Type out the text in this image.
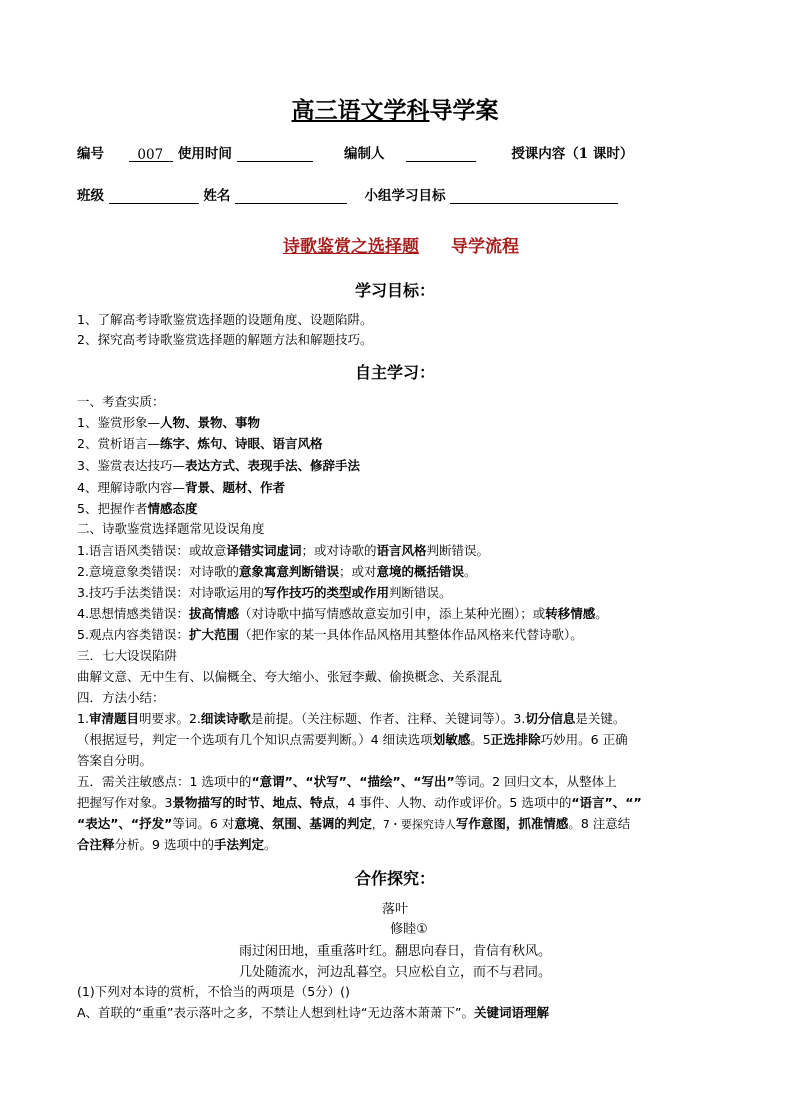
高三语文学科导学案
编号 007 使用时间	编制人	授课内容（1 课时）
班级	姓名	小组学习目标
诗歌鉴赏之选择题 导学流程
学习目标：
1、了解高考诗歌鉴赏选择题的设题角度、设题陷阱。
2、探究高考诗歌鉴赏选择题的解题方法和解题技巧。
自主学习：
一、考查实质：
1、鉴赏形象—人物、景物、事物
2、赏析语言—练字、炼句、诗眼、语言风格
3、鉴赏表达技巧—表达方式、表现手法、修辞手法
4、理解诗歌内容—背景、题材、作者
5、把握作者情感态度
二、诗歌鉴赏选择题常见设误角度
1.语言语风类错误：或故意译错实词虚词；或对诗歌的语言风格判断错误。
2.意境意象类错误：对诗歌的意象寓意判断错误；或对意境的概括错误。
3.技巧手法类错误：对诗歌运用的写作技巧的类型或作用判断错误。
4.思想情感类错误：拔高情感（对诗歌中描写情感故意妄加引申，添上某种光圈）；或转移情感。
5.观点内容类错误：扩大范围（把作家的某一具体作品风格用其整体作品风格来代替诗歌）。
三．七大设误陷阱
曲解文意、无中生有、以偏概全、夸大缩小、张冠李戴、偷换概念、关系混乱
四．方法小结：
1.审清题目明要求。2.细读诗歌是前提。（关注标题、作者、注释、关键词等）。3.切分信息是关键。
（根据逗号，判定一个选项有几个知识点需要判断。）4 细读选项划敏感。5正选排除巧妙用。6 正确
答案自分明。
五．需关注敏感点：1 选项中的“意谓”、“状写”、“描绘”、“写出”等词。2 回归文本，从整体上
把握写作对象。3景物描写的时节、地点、特点，4 事件、人物、动作或评价。5 选项中的“语言”、“”
“表达”、“抒发”等词。6 对意境、氛围、基调的判定，7・要探究诗人写作意图，抓准情感。8 注意结
合注释分析。9 选项中的手法判定。
合作探究：
落叶
修睦①
雨过闲田地，重重落叶红。翻思向春日，肯信有秋风。
几处随流水，河边乱暮空。只应松自立，而不与君同。
(1)下列对本诗的赏析，不恰当的两项是（5分）()
A、首联的“重重”表示落叶之多，不禁让人想到杜诗“无边落木萧萧下”。关键词语理解
